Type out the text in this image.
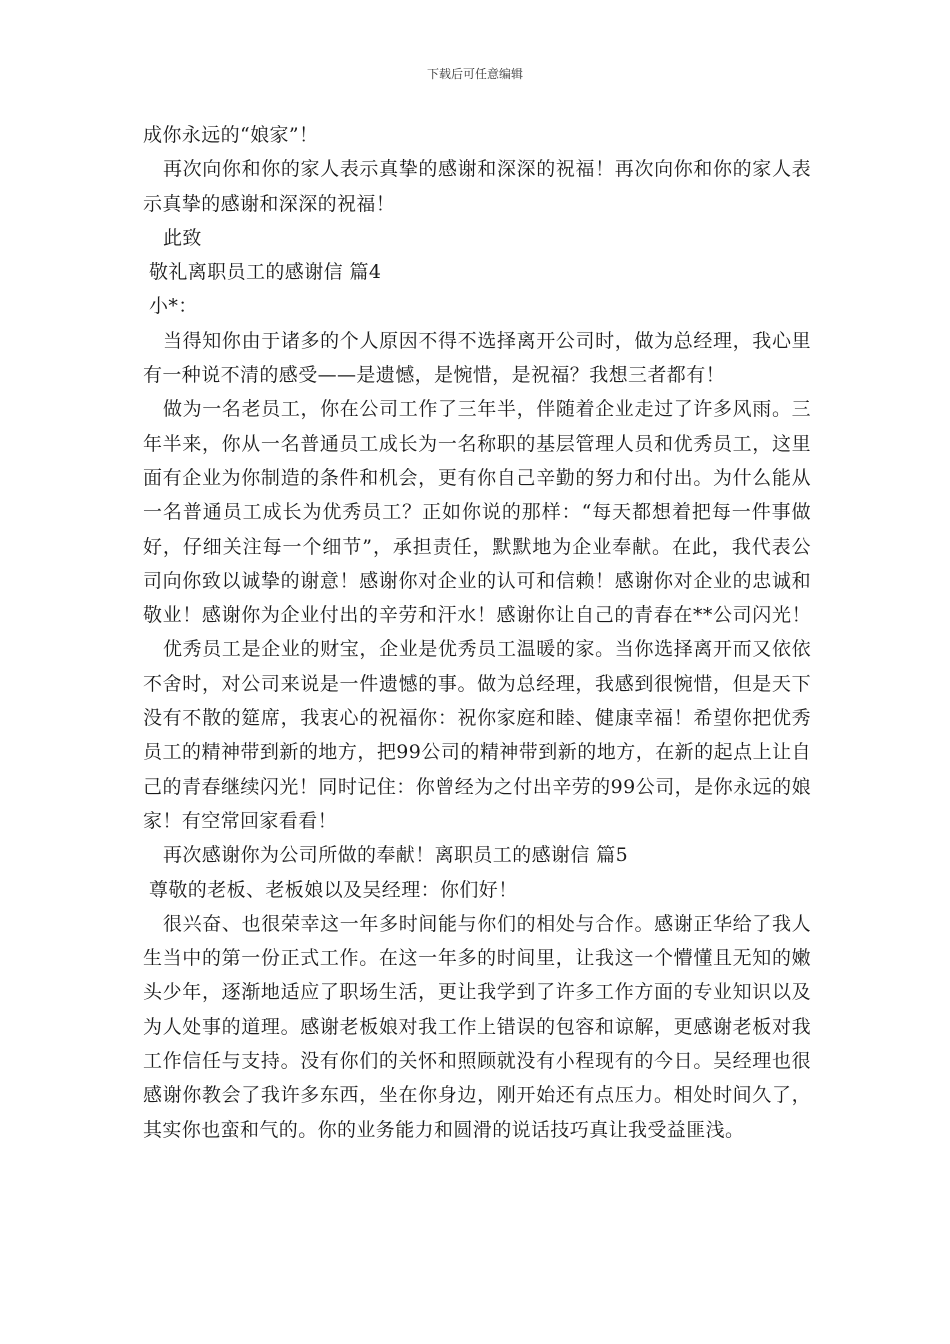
下载后可任意编辑
成你永远的“娘家”！
再次向你和你的家人表示真挚的感谢和深深的祝福！再次向你和你的家人表
示真挚的感谢和深深的祝福！
此致
敬礼离职员工的感谢信 篇4
小*：
当得知你由于诸多的个人原因不得不选择离开公司时，做为总经理，我心里
有一种说不清的感受——是遗憾，是惋惜，是祝福？我想三者都有！
做为一名老员工，你在公司工作了三年半，伴随着企业走过了许多风雨。三
年半来，你从一名普通员工成长为一名称职的基层管理人员和优秀员工，这里
面有企业为你制造的条件和机会，更有你自己辛勤的努力和付出。为什么能从
一名普通员工成长为优秀员工？正如你说的那样：“每天都想着把每一件事做
好，仔细关注每一个细节”，承担责任，默默地为企业奉献。在此，我代表公
司向你致以诚挚的谢意！感谢你对企业的认可和信赖！感谢你对企业的忠诚和
敬业！感谢你为企业付出的辛劳和汗水！感谢你让自己的青春在**公司闪光！
优秀员工是企业的财宝，企业是优秀员工温暖的家。当你选择离开而又依依
不舍时，对公司来说是一件遗憾的事。做为总经理，我感到很惋惜，但是天下
没有不散的筵席，我衷心的祝福你：祝你家庭和睦、健康幸福！希望你把优秀
员工的精神带到新的地方，把99公司的精神带到新的地方，在新的起点上让自
己的青春继续闪光！同时记住：你曾经为之付出辛劳的99公司，是你永远的娘
家！有空常回家看看！
再次感谢你为公司所做的奉献！离职员工的感谢信 篇5
尊敬的老板、老板娘以及吴经理：你们好！
很兴奋、也很荣幸这一年多时间能与你们的相处与合作。感谢正华给了我人
生当中的第一份正式工作。在这一年多的时间里，让我这一个懵懂且无知的嫩
头少年，逐渐地适应了职场生活，更让我学到了许多工作方面的专业知识以及
为人处事的道理。感谢老板娘对我工作上错误的包容和谅解，更感谢老板对我
工作信任与支持。没有你们的关怀和照顾就没有小程现有的今日。吴经理也很
感谢你教会了我许多东西，坐在你身边，刚开始还有点压力。相处时间久了，
其实你也蛮和气的。你的业务能力和圆滑的说话技巧真让我受益匪浅。
